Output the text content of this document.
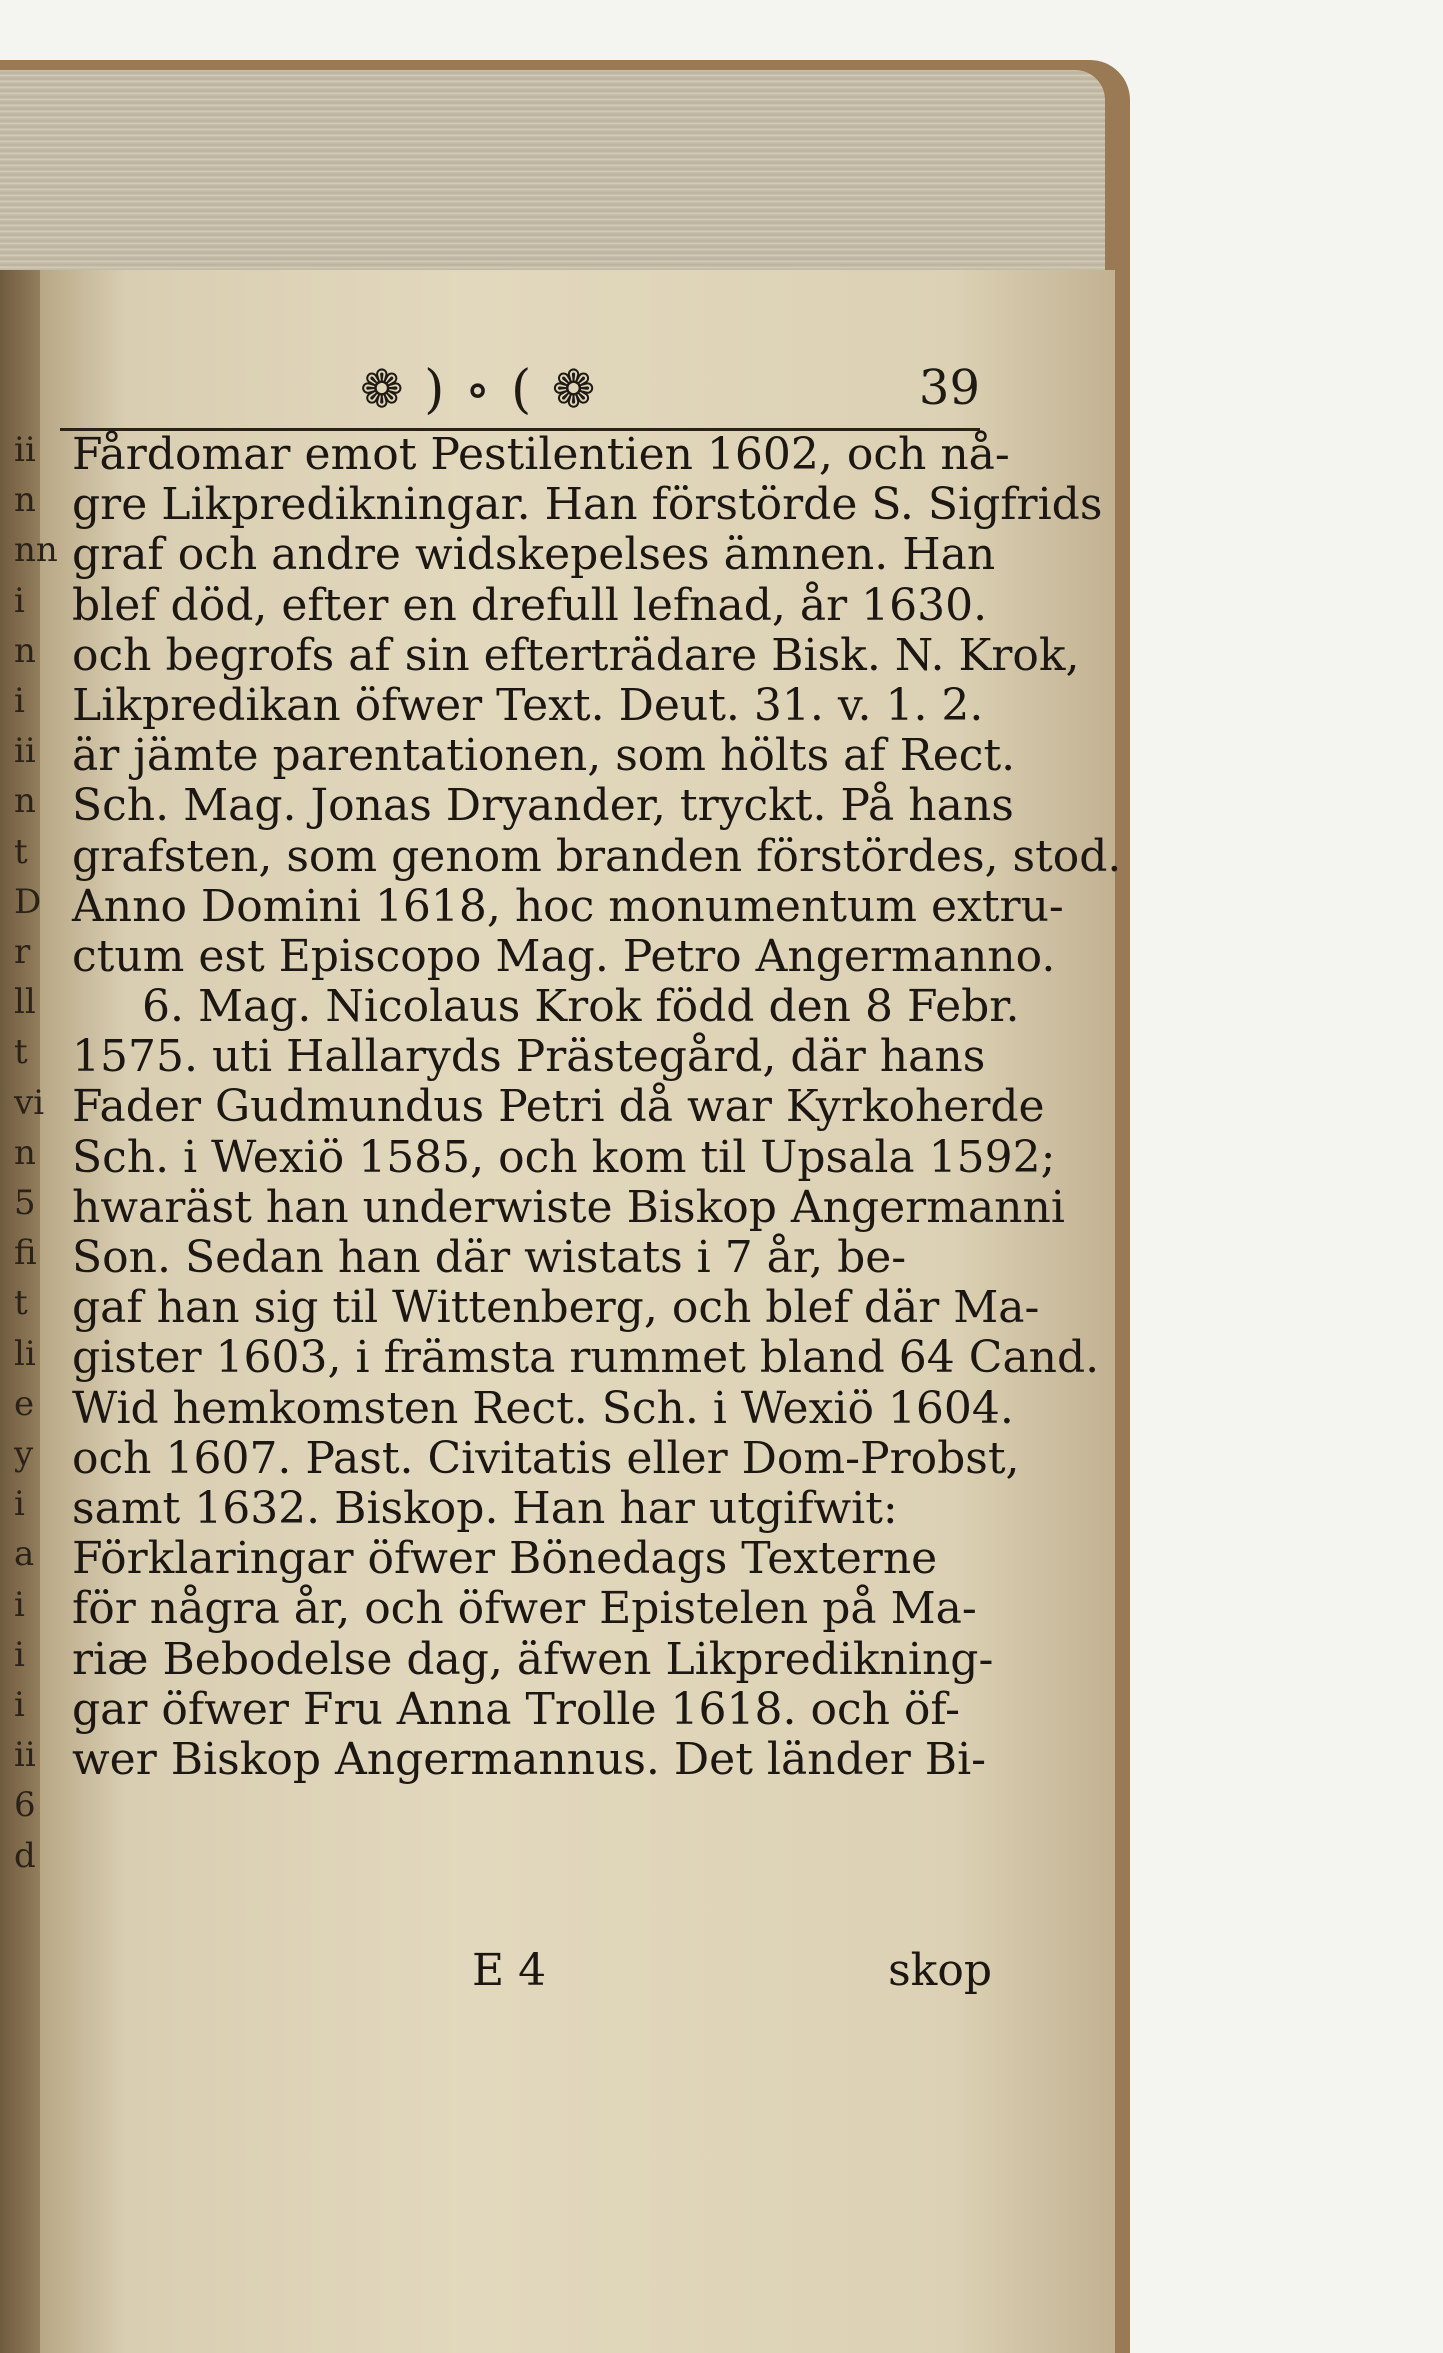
ii
n
nn
i
n
i
ii
n
t
D
r
ll
t
vi
n
5
fi
t
li
e
y
i
a
i
i
i
ii
6
d
❁ ) ∘ ( ❁	39
Fårdomar emot Pestilentien 1602, och nå-
gre Likpredikningar. Han förstörde S. Sigfrids
graf och andre widskepelses ämnen. Han
blef död, efter en drefull lefnad, år 1630.
och begrofs af sin efterträdare Bisk. N. Krok,
Likpredikan öfwer Text. Deut. 31. v. 1. 2.
är jämte parentationen, som hölts af Rect.
Sch. Mag. Jonas Dryander, tryckt. På hans
grafsten, som genom branden förstördes, stod.
Anno Domini 1618, hoc monumentum extru-
ctum est Episcopo Mag. Petro Angermanno.
6. Mag. Nicolaus Krok född den 8 Febr.
1575. uti Hallaryds Prästegård, där hans
Fader Gudmundus Petri då war Kyrkoherde
Sch. i Wexiö 1585, och kom til Upsala 1592;
hwaräst han underwiste Biskop Angermanni
Son. Sedan han där wistats i 7 år, be-
gaf han sig til Wittenberg, och blef där Ma-
gister 1603, i främsta rummet bland 64 Cand.
Wid hemkomsten Rect. Sch. i Wexiö 1604.
och 1607. Past. Civitatis eller Dom-Probst,
samt 1632. Biskop. Han har utgifwit:
Förklaringar öfwer Bönedags Texterne
för några år, och öfwer Epistelen på Ma-
riæ Bebodelse dag, äfwen Likpredikning-
gar öfwer Fru Anna Trolle 1618. och öf-
wer Biskop Angermannus. Det länder Bi-
E 4	skop
